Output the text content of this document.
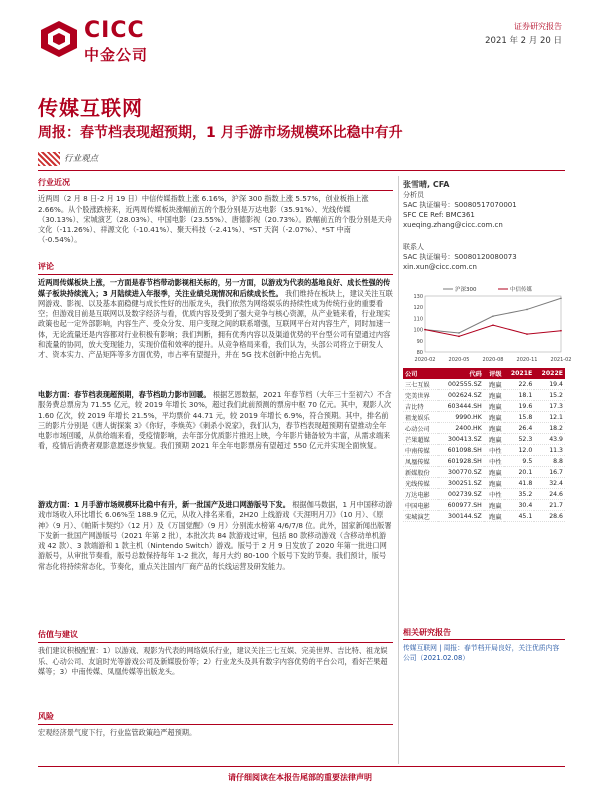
CICC
中金公司
证券研究报告
2021 年 2 月 20 日
传媒互联网
周报：春节档表现超预期，1 月手游市场规模环比稳中有升
行业观点
行业近况
近两周（2 月 8 日-2 月 19 日）中信传媒指数上涨 6.16%，沪深 300 指数上涨 5.57%，创业板指上涨 2.66%。从个股涨跌榜来，近两周传媒板块涨幅前五的个股分别是万达电影（35.91%）、光线传媒（30.13%）、宋城演艺（28.03%）、中国电影（23.55%）、唐德影视（20.73%）。跌幅前五的个股分别是天舟文化（-11.26%）、祥源文化（-10.41%）、聚天科技（-2.41%）、*ST 天润（-2.07%）、*ST 中南（-0.54%）。
评论
近两周传媒板块上涨，一方面是春节档带动影视相关标的，另一方面，以游戏为代表的基地良好、成长性强的传媒子板块持续流入；3 月陆续进入年报季，关注业绩兑现情况和后续成长性。 我们维持在板块上，建议关注互联网游戏、影视、以及基本面稳健与成长性好的出版龙头，我们依然为网络娱乐的持续性成为传统行业的重要看空；但游戏目前是互联网以及数字经济与看，优质内容及受到了强大竞争与核心资源，从产业链来看，行业现实政策也起一定外部影响，内容生产、受众分发、用户变现之间的联系增强，互联网平台对内容生产，同时加速一体，无论流量还是内容都对行业积极有影响；我们判断，拥有优秀内容以及渠道优势的平台型公司有望通过内容和流量的协同，放大变现能力，实现价值和效率的提升。从竞争格局来看，我们认为，头部公司将立于研发人才、资本实力、产品矩阵等多方面优势，市占率有望提升，并在 5G 技术创新中抢占先机。
电影方面：春节档表现超预期，春节档助力影市回暖。 根据艺恩数据，2021 年春节档（大年三十至初六）不含服务费总票房为 71.55 亿元，较 2019 年增长 30%，超过我们此前预测的票房中枢 70 亿元。其中，观影人次 1.60 亿次，较 2019 年增长 21.5%，平均票价 44.71 元，较 2019 年增长 6.9%，符合预期。其中，排名前三的影片分别是《唐人街探案 3》《你好，李焕英》《刺杀小说家》，我们认为，春节档表现超预期有望推动全年电影市场回暖，从供给端来看，受疫情影响，去年部分优质影片推迟上映，今年影片储备较为丰富，从需求端来看，疫情后消费者观影意愿逐步恢复。我们预期 2021 年全年电影票房有望超过 550 亿元并实现全面恢复。
游戏方面：1 月手游市场规模环比稳中有升，新一批国产及进口网游版号下发。 根据伽马数据，1 月中国移动游戏市场收入环比增长 6.06%至 188.9 亿元，从收入排名来看，2H20 上线游戏《天涯明月刀》（10 月）、《原神》（9 月）、《帕斯卡契约》（12 月）及《万国觉醒》（9 月）分别流水榜第 4/6/7/8 位。此外，国家新闻出版署下发新一批国产网游版号（2021 年第 2 批），本批次共 84 款游戏过审，包括 80 款移动游戏（含移动单机游戏 42 款）、3 款端游和 1 款主机（Nintendo Switch）游戏。版号于 2 月 9 日发放了 2020 年第一批进口网游版号，从审批节奏看，版号总数保持每年 1-2 批次，每月大约 80-100 个版号下发的节奏。我们预计，版号常态化将持续常态化，节奏化，重点关注国内厂商产品的长线运营及研发能力。
估值与建议
我们建议积极配置：1）以游戏、观影为代表的网络娱乐行业，建议关注三七互娱、完美世界、吉比特、祖龙娱乐、心动公司、友谊时光等游戏公司及新媒股份等；2）行业龙头及具有数字内容优势的平台公司，看好芒果超媒等；3）中南传媒、凤凰传媒等出版龙头。
风险
宏观经济景气度下行，行业监管政策趋严超预期。
张雪晴, CFA
分析员
SAC 执证编号：S0080517070001
SFC CE Ref: BMC361
xueqing.zhang@cicc.com.cn
联系人
SAC 执证编号：S0080120080073
xin.xun@cicc.com.cn
130
120
110
100
90
80
2020-02	2020-05	2020-08	2020-11	2021-02
沪深300	中信传媒
公司	代码	评级	2021E	2022E
三七互娱	002555.SZ	跑赢	22.6	19.4
完美世界	002624.SZ	跑赢	18.1	15.2
吉比特	603444.SH	跑赢	19.6	17.3
祖龙娱乐	9990.HK	跑赢	15.8	12.1
心动公司	2400.HK	跑赢	26.4	18.2
芒果超媒	300413.SZ	跑赢	52.3	43.9
中南传媒	601098.SH	中性	12.0	11.3
凤凰传媒	601928.SH	中性	9.5	8.8
新媒股份	300770.SZ	跑赢	20.1	16.7
光线传媒	300251.SZ	跑赢	41.8	32.4
万达电影	002739.SZ	中性	35.2	24.6
中国电影	600977.SH	跑赢	30.4	21.7
宋城演艺	300144.SZ	跑赢	45.1	28.6
相关研究报告
传媒互联网 | 周报：春节档开局良好，关注优质内容公司（2021.02.08）
请仔细阅读在本报告尾部的重要法律声明
